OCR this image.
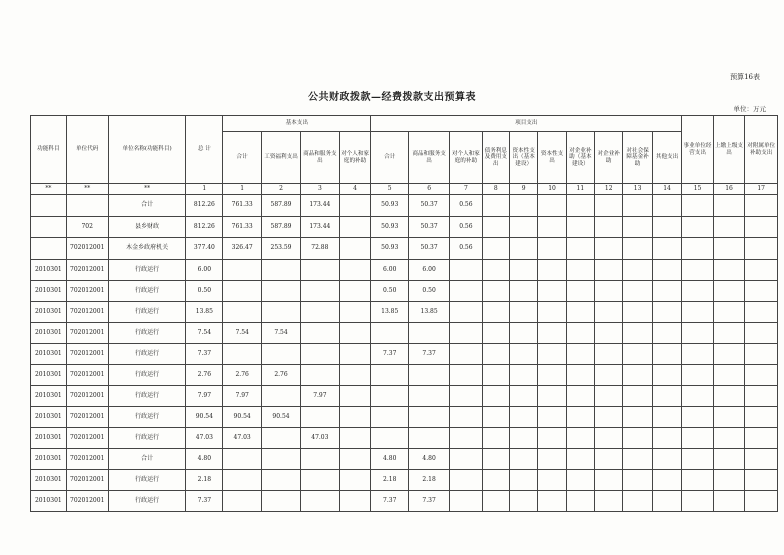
预算16表
公共财政拨款—经费拨款支出预算表
单位：万元
功能科目	单位代码	单位名称(功能科目)	总 计	基本支出				项目支出										事业单位经营支出	上缴上级支出	对附属单位补助支出
				合计	工资福利支出	商品和服务支出	对个人和家庭的补助	合计	商品和服务支出	对个人和家庭的补助	债务利息及费用支出	资本性支出（基本建设）	资本性支出	对企业补助（基本建设）	对企业补助	对社会保障基金补助	其他支出			

**	**	**	1	1	2	3	4	5	6	7	8	9	10	11	12	13	14	15	16	17
		合计	812.26	761.33	587.89	173.44		50.93	50.37	0.56										
	702	县乡财政	812.26	761.33	587.89	173.44		50.93	50.37	0.56										
	702012001	木金乡政府机关	377.40	326.47	253.59	72.88		50.93	50.37	0.56										
2010301	702012001	行政运行	6.00					6.00	6.00											
2010301	702012001	行政运行	0.50					0.50	0.50											
2010301	702012001	行政运行	13.85					13.85	13.85											
2010301	702012001	行政运行	7.54	7.54	7.54															
2010301	702012001	行政运行	7.37					7.37	7.37											
2010301	702012001	行政运行	2.76	2.76	2.76															
2010301	702012001	行政运行	7.97	7.97		7.97														
2010301	702012001	行政运行	90.54	90.54	90.54															
2010301	702012001	行政运行	47.03	47.03		47.03														
2010301	702012001	合计	4.80					4.80	4.80											
2010301	702012001	行政运行	2.18					2.18	2.18											
2010301	702012001	行政运行	7.37					7.37	7.37											
